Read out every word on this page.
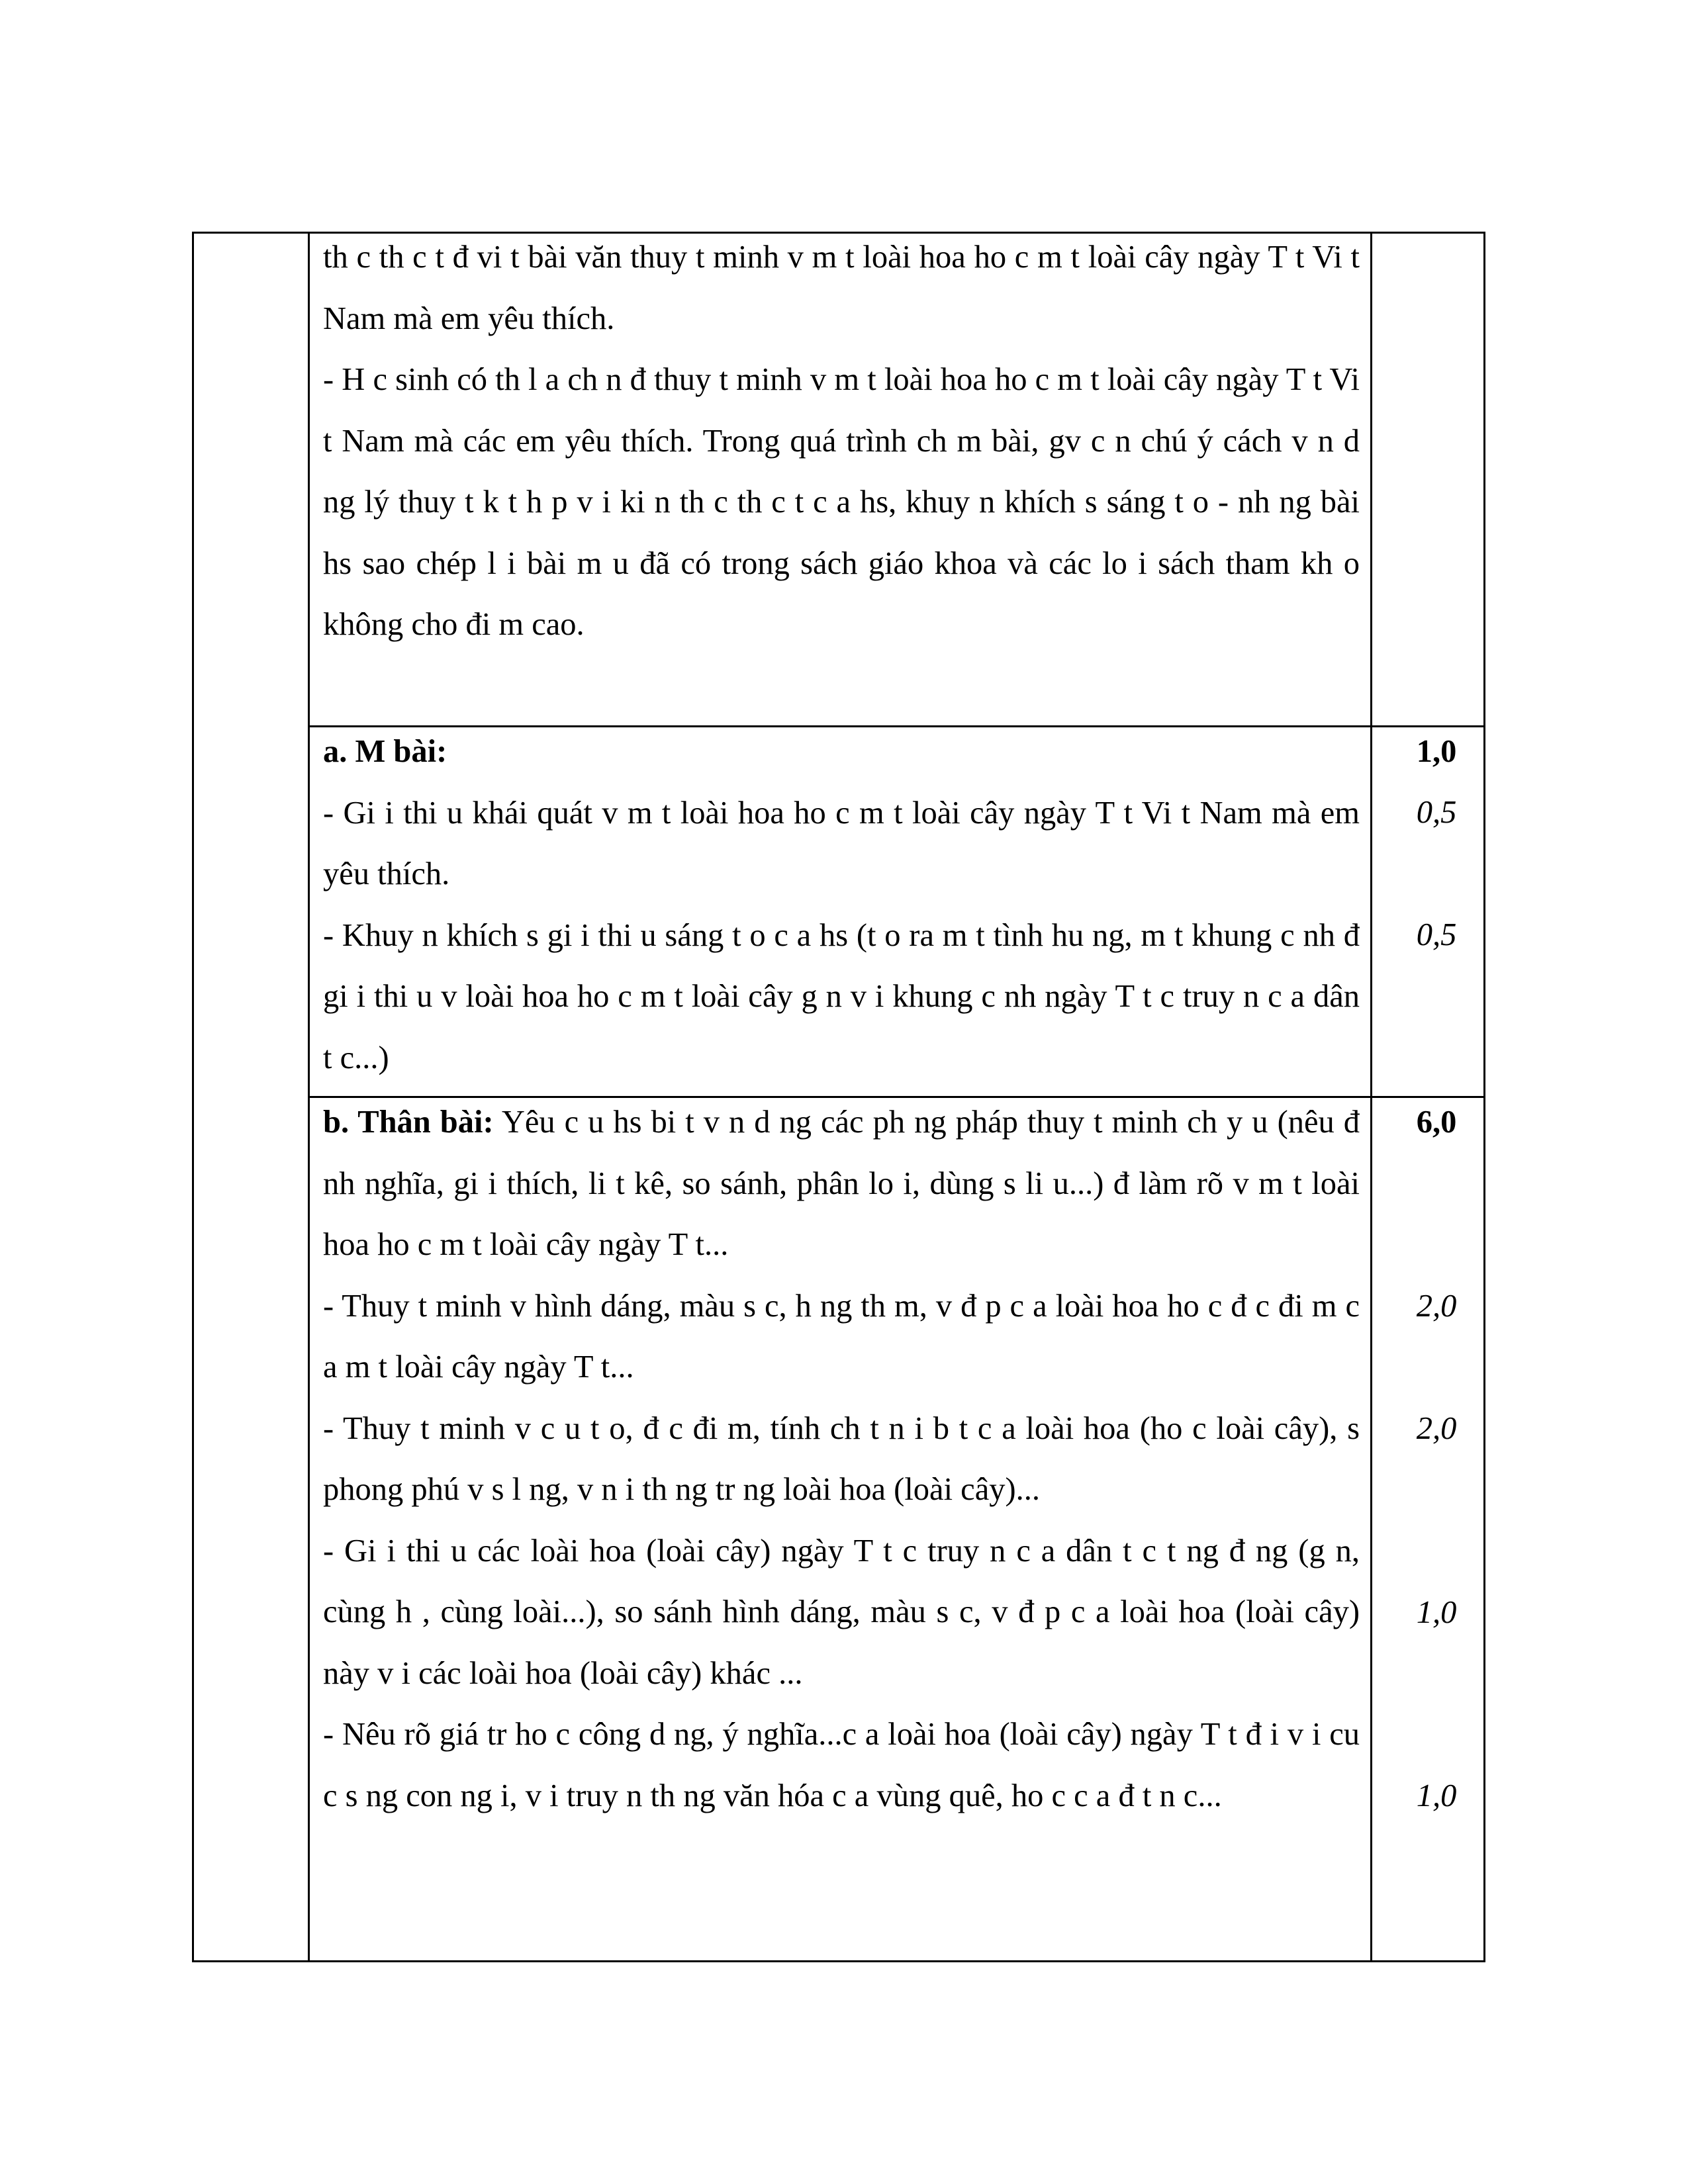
th c th c t đ vi t bài văn thuy t minh v m t loài hoa ho c m t loài cây ngày T t Vi t Nam mà em yêu thích.

- H c sinh có th l a ch n đ thuy t minh v m t loài hoa ho c m t loài cây ngày T t Vi t Nam mà các em yêu thích. Trong quá trình ch m bài, gv c n chú ý cách v n d ng lý thuy t k t h p v i ki n th c th c t c a hs, khuy n khích s sáng t o - nh ng bài hs sao chép l i bài m u đã có trong sách giáo khoa và các lo i sách tham kh o không cho đi m cao.

a. M bài:

- Gi i thi u khái quát v m t loài hoa ho c m t loài cây ngày T t Vi t Nam mà em yêu thích.

- Khuy n khích s gi i thi u sáng t o c a hs (t o ra m t tình hu ng, m t khung c nh đ gi i thi u v loài hoa ho c m t loài cây g n v i khung c nh ngày T t c truy n c a dân t c...)

1,0
0,5
0,5

b. Thân bài: Yêu c u hs bi t v n d ng các ph ng pháp thuy t minh ch y u (nêu đ nh nghĩa, gi i thích, li t kê, so sánh, phân lo i, dùng s li u...) đ làm rõ v m t loài hoa ho c m t loài cây ngày T t...

- Thuy t minh v hình dáng, màu s c, h ng th m, v đ p c a loài hoa ho c đ c đi m c a m t loài cây ngày T t...

- Thuy t minh v c u t o, đ c đi m, tính ch t n i b t c a loài hoa (ho c loài cây), s phong phú v s l ng, v n i th ng tr ng loài hoa (loài cây)...

- Gi i thi u các loài hoa (loài cây) ngày T t c truy n c a dân t c t ng đ ng (g n, cùng h , cùng loài...), so sánh hình dáng, màu s c, v đ p c a loài hoa (loài cây) này v i các loài hoa (loài cây) khác ...

- Nêu rõ giá tr ho c công d ng, ý nghĩa...c a loài hoa (loài cây) ngày T t đ i v i cu c s ng con ng i, v i truy n th ng văn hóa c a vùng quê, ho c c a đ t n c...

6,0
2,0
2,0
1,0
1,0
